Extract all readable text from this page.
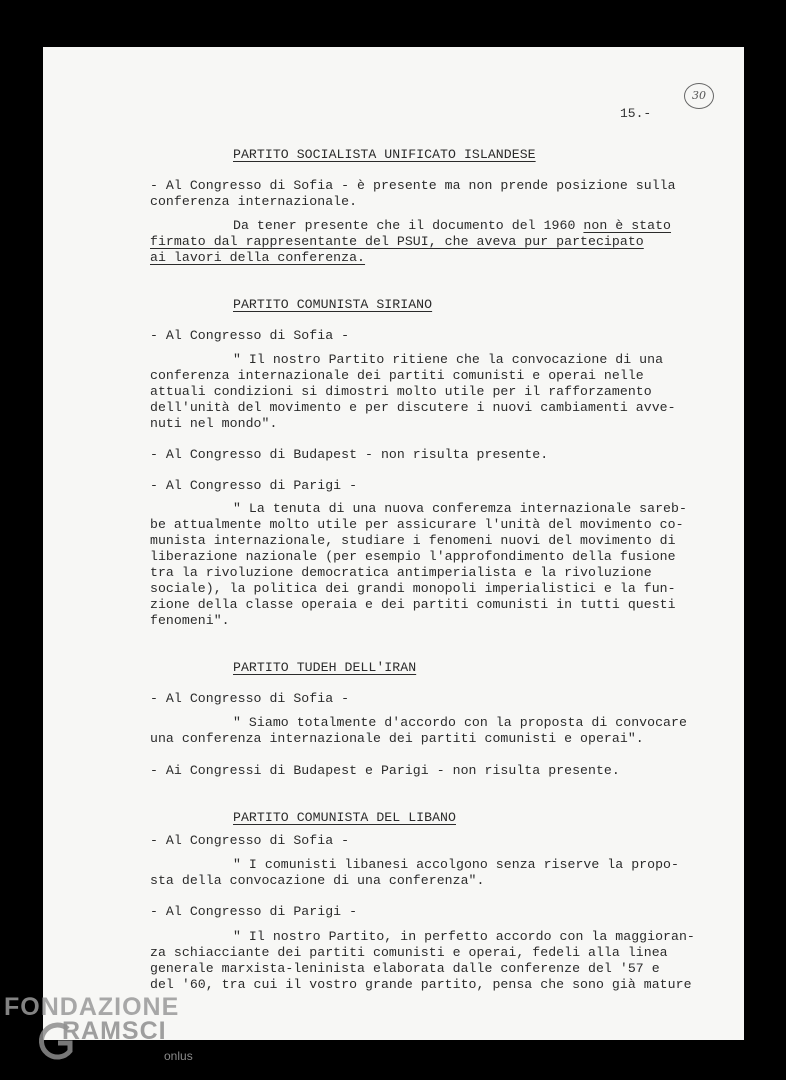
15.-
30
PARTITO SOCIALISTA UNIFICATO ISLANDESE
- Al Congresso di Sofia - è presente ma non prende posizione sulla
conferenza internazionale.
Da tener presente che il documento del 1960 non è stato
firmato dal rappresentante del PSUI, che aveva pur partecipato
ai lavori della conferenza.
PARTITO COMUNISTA SIRIANO
- Al Congresso di Sofia -
" Il nostro Partito ritiene che la convocazione di una
conferenza internazionale dei partiti comunisti e operai nelle
attuali condizioni si dimostri molto utile per il rafforzamento
dell'unità del movimento e per discutere i nuovi cambiamenti avve-
nuti nel mondo".
- Al Congresso di Budapest - non risulta presente.
- Al Congresso di Parigi -
" La tenuta di una nuova conferemza internazionale sareb-
be attualmente molto utile per assicurare l'unità del movimento co-
munista internazionale, studiare i fenomeni nuovi del movimento di
liberazione nazionale (per esempio l'approfondimento della fusione
tra la rivoluzione democratica antimperialista e la rivoluzione
sociale), la politica dei grandi monopoli imperialistici e la fun-
zione della classe operaia e dei partiti comunisti in tutti questi
fenomeni".
PARTITO TUDEH DELL'IRAN
- Al Congresso di Sofia -
" Siamo totalmente d'accordo con la proposta di convocare
una conferenza internazionale dei partiti comunisti e operai".
- Ai Congressi di Budapest e Parigi - non risulta presente.
PARTITO COMUNISTA DEL LIBANO
- Al Congresso di Sofia -
" I comunisti libanesi accolgono senza riserve la propo-
sta della convocazione di una conferenza".
- Al Congresso di Parigi -
" Il nostro Partito, in perfetto accordo con la maggioran-
za schiacciante dei partiti comunisti e operai, fedeli alla linea
generale marxista-leninista elaborata dalle conferenze del '57 e
del '60, tra cui il vostro grande partito, pensa che sono già mature
FONDAZIONE
RAMSCI
onlus
